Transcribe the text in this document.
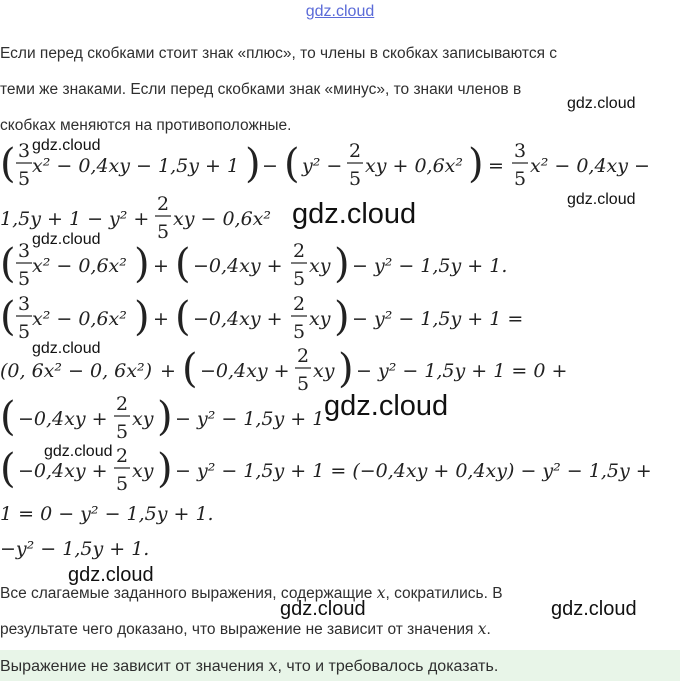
gdz.cloud
Если перед скобками стоит знак «плюс», то члены в скобках записываются с
теми же знаками. Если перед скобками знак «минус», то знаки членов в
скобках меняются на противоположные.
( 3
5
x² − 0,4xy − 1,5y + 1 ) − ( y² −
2
5
xy + 0,6x² ) =
3
5
x² − 0,4xy −
1,5y + 1 − y² +
2
5
xy − 0,6x²
( 3
5
x² − 0,6x² ) + ( −0,4xy +
2
5
xy ) − y² − 1,5y + 1.
( 3
5
x² − 0,6x² ) + ( −0,4xy +
2
5
xy ) − y² − 1,5y + 1 =
(0, 6x² − 0, 6x²) + ( −0,4xy +
2
5
xy ) − y² − 1,5y + 1 = 0 +
( −0,4xy +
2
5
xy ) − y² − 1,5y + 1
( −0,4xy +
2
5
xy ) − y² − 1,5y + 1 = (−0,4xy + 0,4xy) − y² − 1,5y +
1 = 0 − y² − 1,5y + 1.
−y² − 1,5y + 1.
Все слагаемые заданного выражения, содержащие x, сократились. В
результате чего доказано, что выражение не зависит от значения x.
Выражение не зависит от значения x, что и требовалось доказать.
gdz.cloud
gdz.cloud
gdz.cloud
gdz.cloud
gdz.cloud
gdz.cloud
gdz.cloud
gdz.cloud
gdz.cloud
gdz.cloud	gdz.cloud
